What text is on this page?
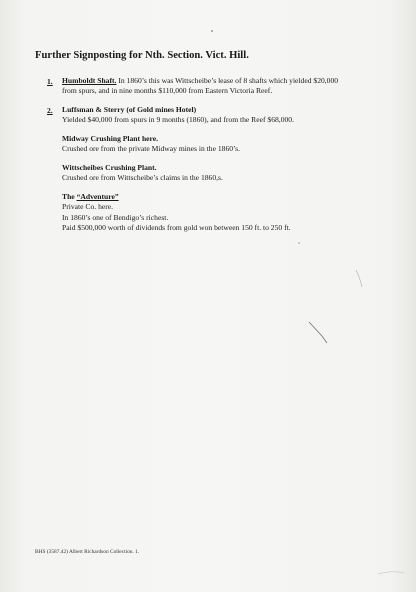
Further Signposting for Nth. Section. Vict. Hill.
1. Humboldt Shaft. In 1860’s this was Wittscheibe’s lease of 8 shafts which yielded $20,000
from spurs, and in nine months $110,000 from Eastern Victoria Reef.
2. Luffsman & Sterry (of Gold mines Hotel)
Yielded $40,000 from spurs in 9 months (1860), and from the Reef $68,000.
Midway Crushing Plant here.
Crushed ore from the private Midway mines in the 1860’s.
Wittscheibes Crushing Plant.
Crushed ore from Wittscheibe’s claims in the 1860,s.
The “Adventure”
Private Co. here.
In 1860’s one of Bendigo’s richest.
Paid $500,000 worth of dividends from gold won between 150 ft. to 250 ft.
BHS (3587.42) Albert Richardson Collection. 1.
